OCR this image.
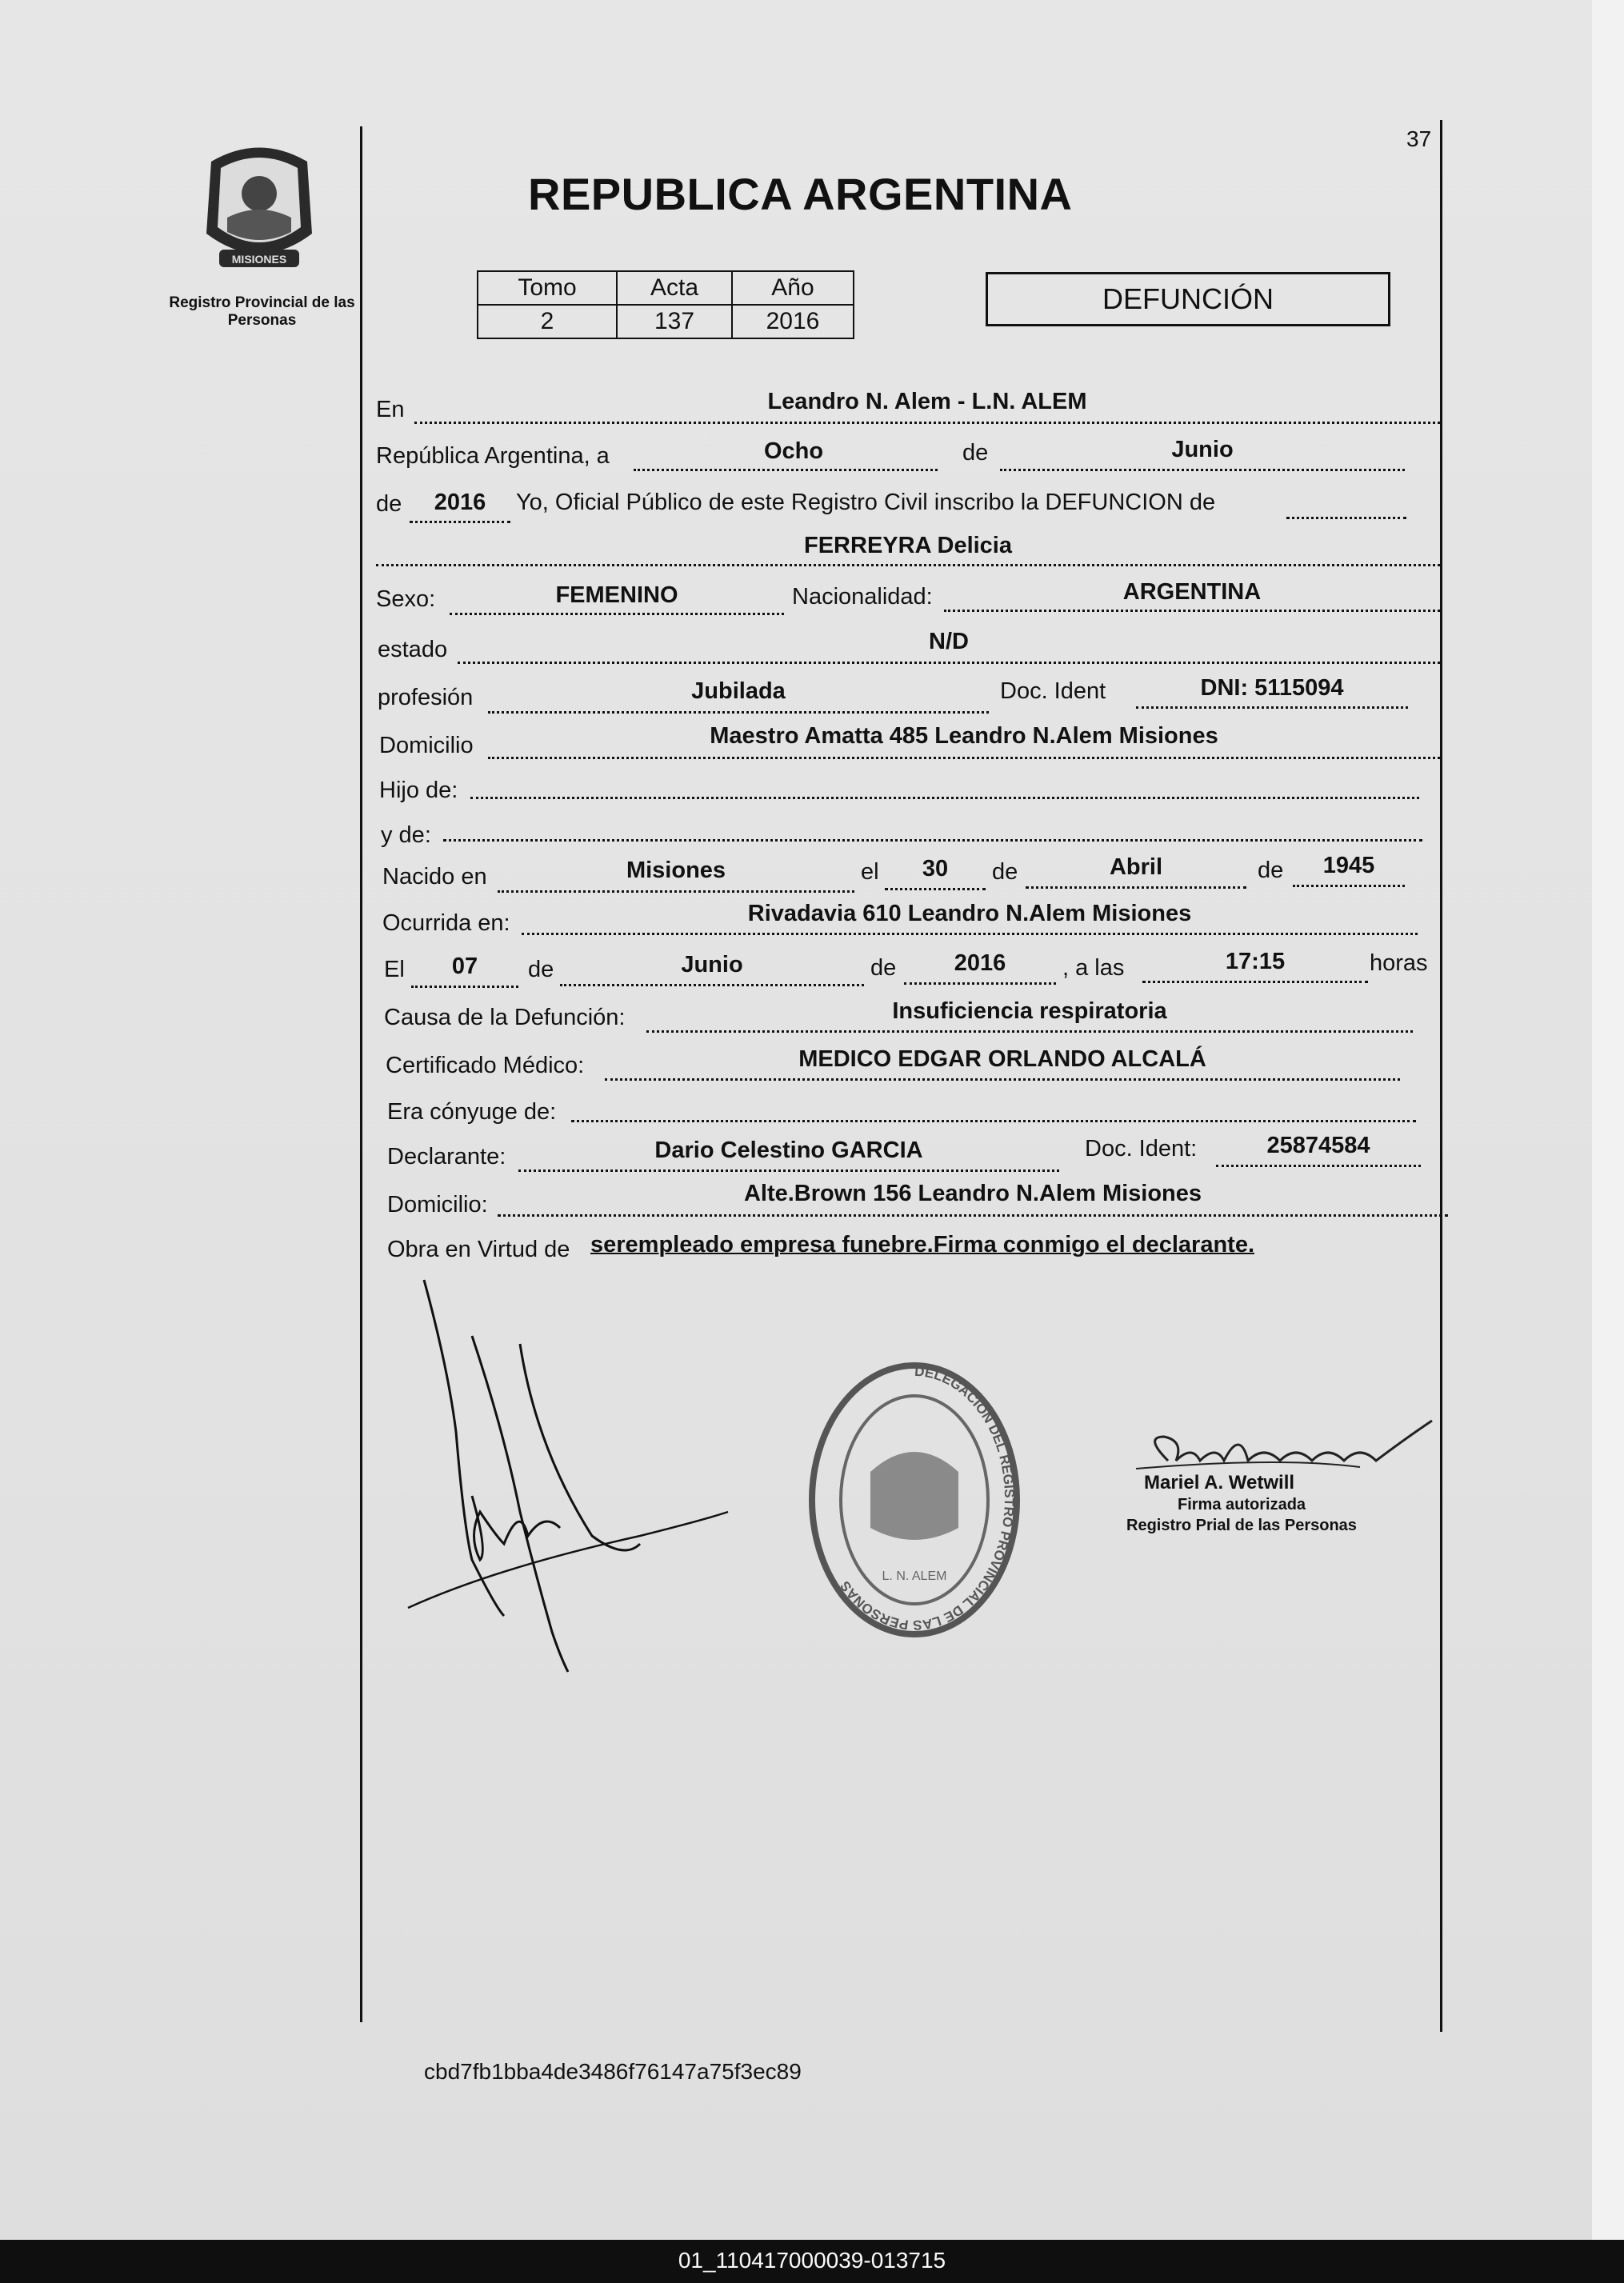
37
MISIONES
Registro Provincial de las Personas
REPUBLICA ARGENTINA
Tomo	Acta	Año
2	137	2016
DEFUNCIÓN
En	Leandro N. Alem - L.N. ALEM
República Argentina, a	Ocho	de	Junio
de	2016	Yo, Oficial Público de este Registro Civil inscribo la DEFUNCION de
FERREYRA Delicia
Sexo:	FEMENINO	Nacionalidad:	ARGENTINA
estado	N/D
profesión	Jubilada	Doc. Ident	DNI: 5115094
Domicilio	Maestro Amatta 485 Leandro N.Alem Misiones
Hijo de:
y de:
Nacido en	Misiones	el	30	de	Abril	de	1945
Ocurrida en:	Rivadavia 610 Leandro N.Alem Misiones
El	07	de	Junio	de	2016	, a las	17:15	horas
Causa de la Defunción:	Insuficiencia respiratoria
Certificado Médico:	MEDICO EDGAR ORLANDO ALCALÁ
Era cónyuge de:
Declarante:	Dario Celestino GARCIA	Doc. Ident:	25874584
Domicilio:	Alte.Brown 156 Leandro N.Alem Misiones
Obra en Virtud de serempleado empresa funebre.Firma conmigo el declarante.
DELEGACION DEL REGISTRO PROVINCIAL DE LAS PERSONAS
L. N. ALEM
Mariel A. Wetwill
Firma autorizada
Registro Prial de las Personas
cbd7fb1bba4de3486f76147a75f3ec89
01_110417000039-013715
